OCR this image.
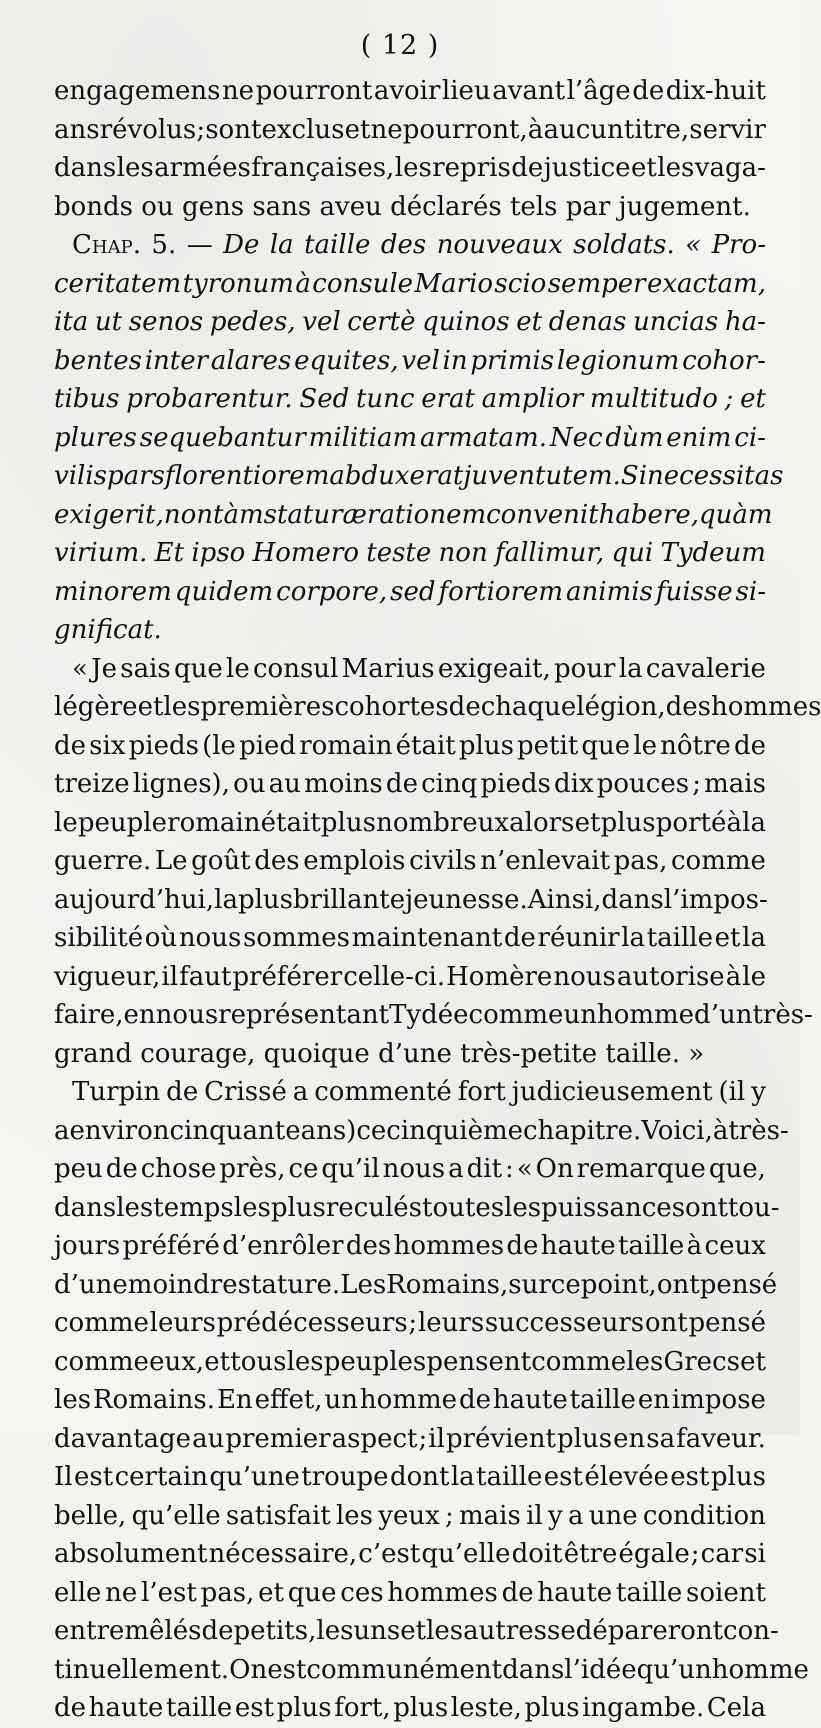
( 12 )
engagemens ne pourront avoir lieu avant l’âge de dix-huit
ans révolus ; sont exclus et ne pourront, à aucun titre, servir
dans les armées françaises, les repris de justice et les vaga-
bonds ou gens sans aveu déclarés tels par jugement.
Chap. 5. — De la taille des nouveaux soldats. « Pro-
ceritatem tyronum à consule Mario scio semper exactam,
ita ut senos pedes, vel certè quinos et denas uncias ha-
bentes inter alares equites, vel in primis legionum cohor-
tibus probarentur. Sed tunc erat amplior multitudo ; et
plures sequebantur militiam armatam. Nec dùm enim ci-
vilis pars florentiorem abduxerat juventutem. Si necessitas
exigerit, non tàm staturæ rationem convenit habere, quàm
virium. Et ipso Homero teste non fallimur, qui Tydeum
minorem quidem corpore, sed fortiorem animis fuisse si-
gnificat.
« Je sais que le consul Marius exigeait, pour la cavalerie
légère et les premières cohortes de chaque légion, des hommes
de six pieds (le pied romain était plus petit que le nôtre de
treize lignes), ou au moins de cinq pieds dix pouces ; mais
le peuple romain était plus nombreux alors et plus porté à la
guerre. Le goût des emplois civils n’enlevait pas, comme
aujourd’hui, la plus brillante jeunesse. Ainsi, dans l’impos-
sibilité où nous sommes maintenant de réunir la taille et la
vigueur, il faut préférer celle-ci. Homère nous autorise à le
faire, en nous représentant Tydée comme un homme d’un très-
grand courage, quoique d’une très-petite taille. »
Turpin de Crissé a commenté fort judicieusement (il y
a environ cinquante ans) ce cinquième chapitre. Voici, à très-
peu de chose près, ce qu’il nous a dit : « On remarque que,
dans les temps les plus reculés toutes les puissances ont tou-
jours préféré d’enrôler des hommes de haute taille à ceux
d’une moindre stature. Les Romains, sur ce point, ont pensé
comme leurs prédécesseurs ; leurs successeurs ont pensé
comme eux, et tous les peuples pensent comme les Grecs et
les Romains. En effet, un homme de haute taille en impose
davantage au premier aspect ; il prévient plus en sa faveur.
Il est certain qu’une troupe dont la taille est élevée est plus
belle, qu’elle satisfait les yeux ; mais il y a une condition
absolument nécessaire, c’est qu’elle doit être égale ; car si
elle ne l’est pas, et que ces hommes de haute taille soient
entremêlés de petits, les uns et les autres se dépareront con-
tinuellement. On est communément dans l’idée qu’un homme
de haute taille est plus fort, plus leste, plus ingambe. Cela
